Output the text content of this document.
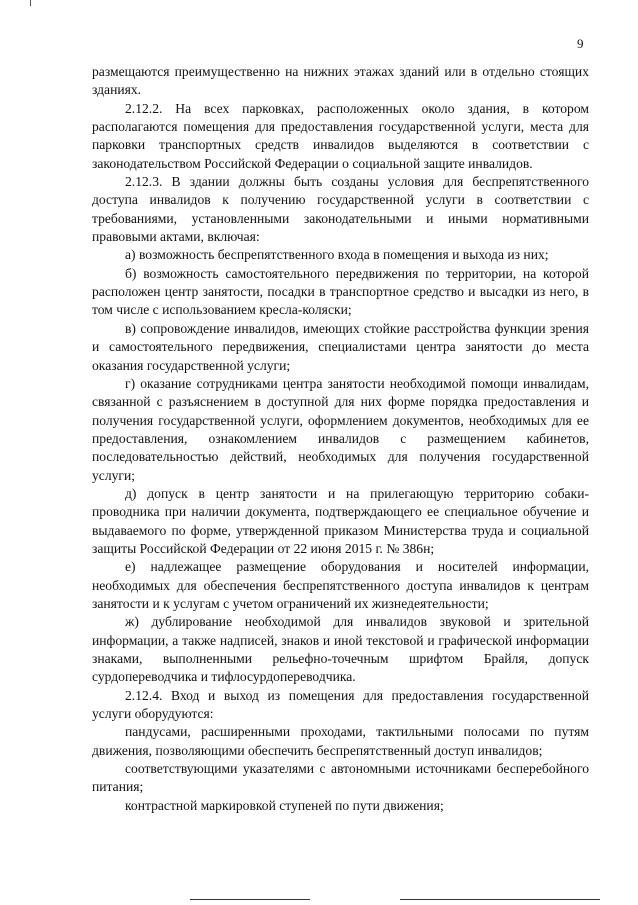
9

размещаются преимущественно на нижних этажах зданий или в отдельно стоящих зданиях.

2.12.2. На всех парковках, расположенных около здания, в котором располагаются помещения для предоставления государственной услуги, места для парковки транспортных средств инвалидов выделяются в соответствии с законодательством Российской Федерации о социальной защите инвалидов.

2.12.3. В здании должны быть созданы условия для беспрепятственного доступа инвалидов к получению государственной услуги в соответствии с требованиями, установленными законодательными и иными нормативными правовыми актами, включая:

а) возможность беспрепятственного входа в помещения и выхода из них;

б) возможность самостоятельного передвижения по территории, на которой расположен центр занятости, посадки в транспортное средство и высадки из него, в том числе с использованием кресла-коляски;

в) сопровождение инвалидов, имеющих стойкие расстройства функции зрения и самостоятельного передвижения, специалистами центра занятости до места оказания государственной услуги;

г) оказание сотрудниками центра занятости необходимой помощи инвалидам, связанной с разъяснением в доступной для них форме порядка предоставления и получения государственной услуги, оформлением документов, необходимых для ее предоставления, ознакомлением инвалидов с размещением кабинетов, последовательностью действий, необходимых для получения государственной услуги;

д) допуск в центр занятости и на прилегающую территорию собаки-проводника при наличии документа, подтверждающего ее специальное обучение и выдаваемого по форме, утвержденной приказом Министерства труда и социальной защиты Российской Федерации от 22 июня 2015 г. № 386н;

е) надлежащее размещение оборудования и носителей информации, необходимых для обеспечения беспрепятственного доступа инвалидов к центрам занятости и к услугам с учетом ограничений их жизнедеятельности;

ж) дублирование необходимой для инвалидов звуковой и зрительной информации, а также надписей, знаков и иной текстовой и графической информации знаками, выполненными рельефно-точечным шрифтом Брайля, допуск сурдопереводчика и тифлосурдопереводчика.

2.12.4. Вход и выход из помещения для предоставления государственной услуги оборудуются:

пандусами, расширенными проходами, тактильными полосами по путям движения, позволяющими обеспечить беспрепятственный доступ инвалидов;

соответствующими указателями с автономными источниками бесперебойного питания;

контрастной маркировкой ступеней по пути движения;
